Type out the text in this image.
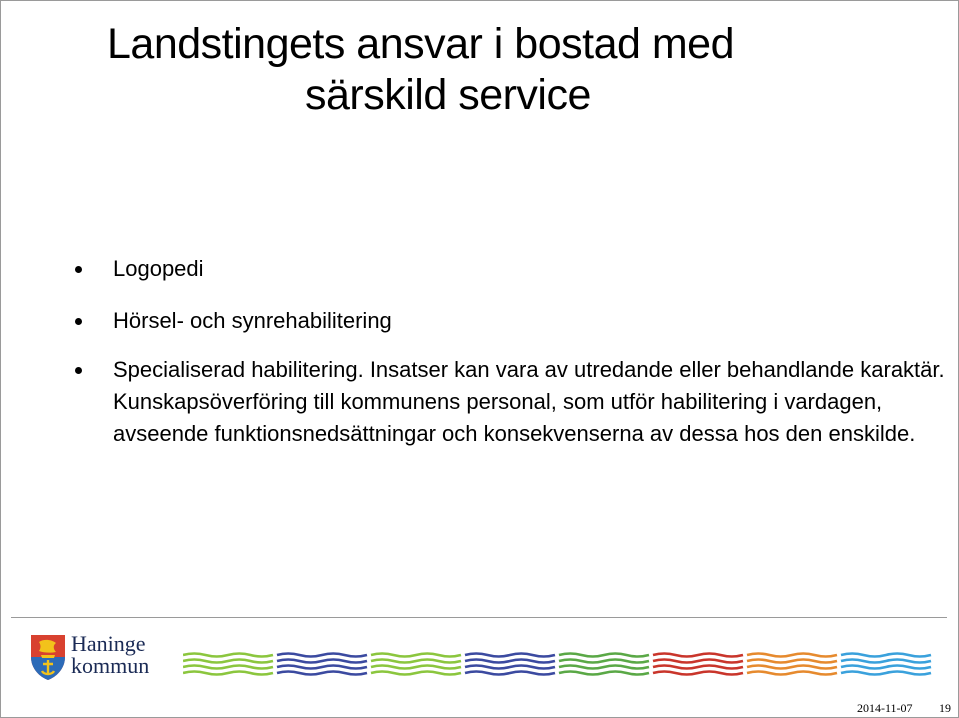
Landstingets ansvar i bostad med
särskild service
Logopedi
Hörsel- och synrehabilitering
Specialiserad habilitering. Insatser kan vara av utredande eller behandlande karaktär. Kunskapsöverföring till kommunens personal, som utför habilitering i vardagen, avseende funktionsnedsättningar och konsekvenserna av dessa hos den enskilde.
Haninge
kommun
2014-11-07 19
